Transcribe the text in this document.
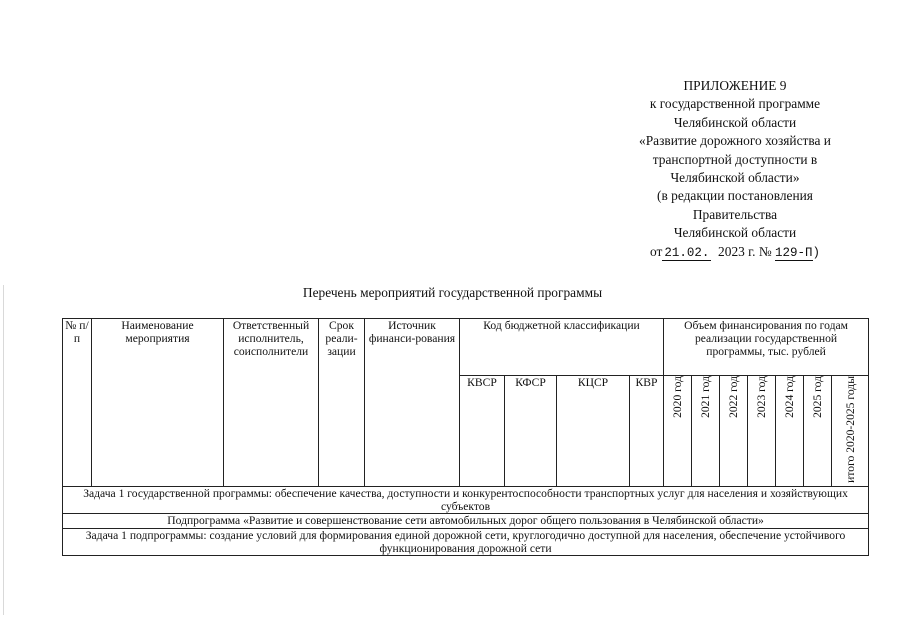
ПРИЛОЖЕНИЕ 9
к государственной программе
Челябинской области
«Развитие дорожного хозяйства и
транспортной доступности в
Челябинской области»
(в редакции постановления
Правительства
Челябинской области
от 21.02. 2023 г. № 129-П)
Перечень мероприятий государственной программы
№ п/п	Наименование мероприятия	Ответственный исполнитель, соисполнители	Срок реали-зации	Источник финанси-рования	Код бюджетной классификации				Объем финансирования по годам реализации государственной программы, тыс. рублей						
					КВСР	КФСР	КЦСР	КВР	2020 год	2021 год	2022 год	2023 год	2024 год	2025 год	итого 2020-2025 годы
Задача 1 государственной программы: обеспечение качества, доступности и конкурентоспособности транспортных услуг для населения и хозяйствующих субъектов															
Подпрограмма «Развитие и совершенствование сети автомобильных дорог общего пользования в Челябинской области»															
Задача 1 подпрограммы: создание условий для формирования единой дорожной сети, круглогодично доступной для населения, обеспечение устойчивого функционирования дорожной сети															
